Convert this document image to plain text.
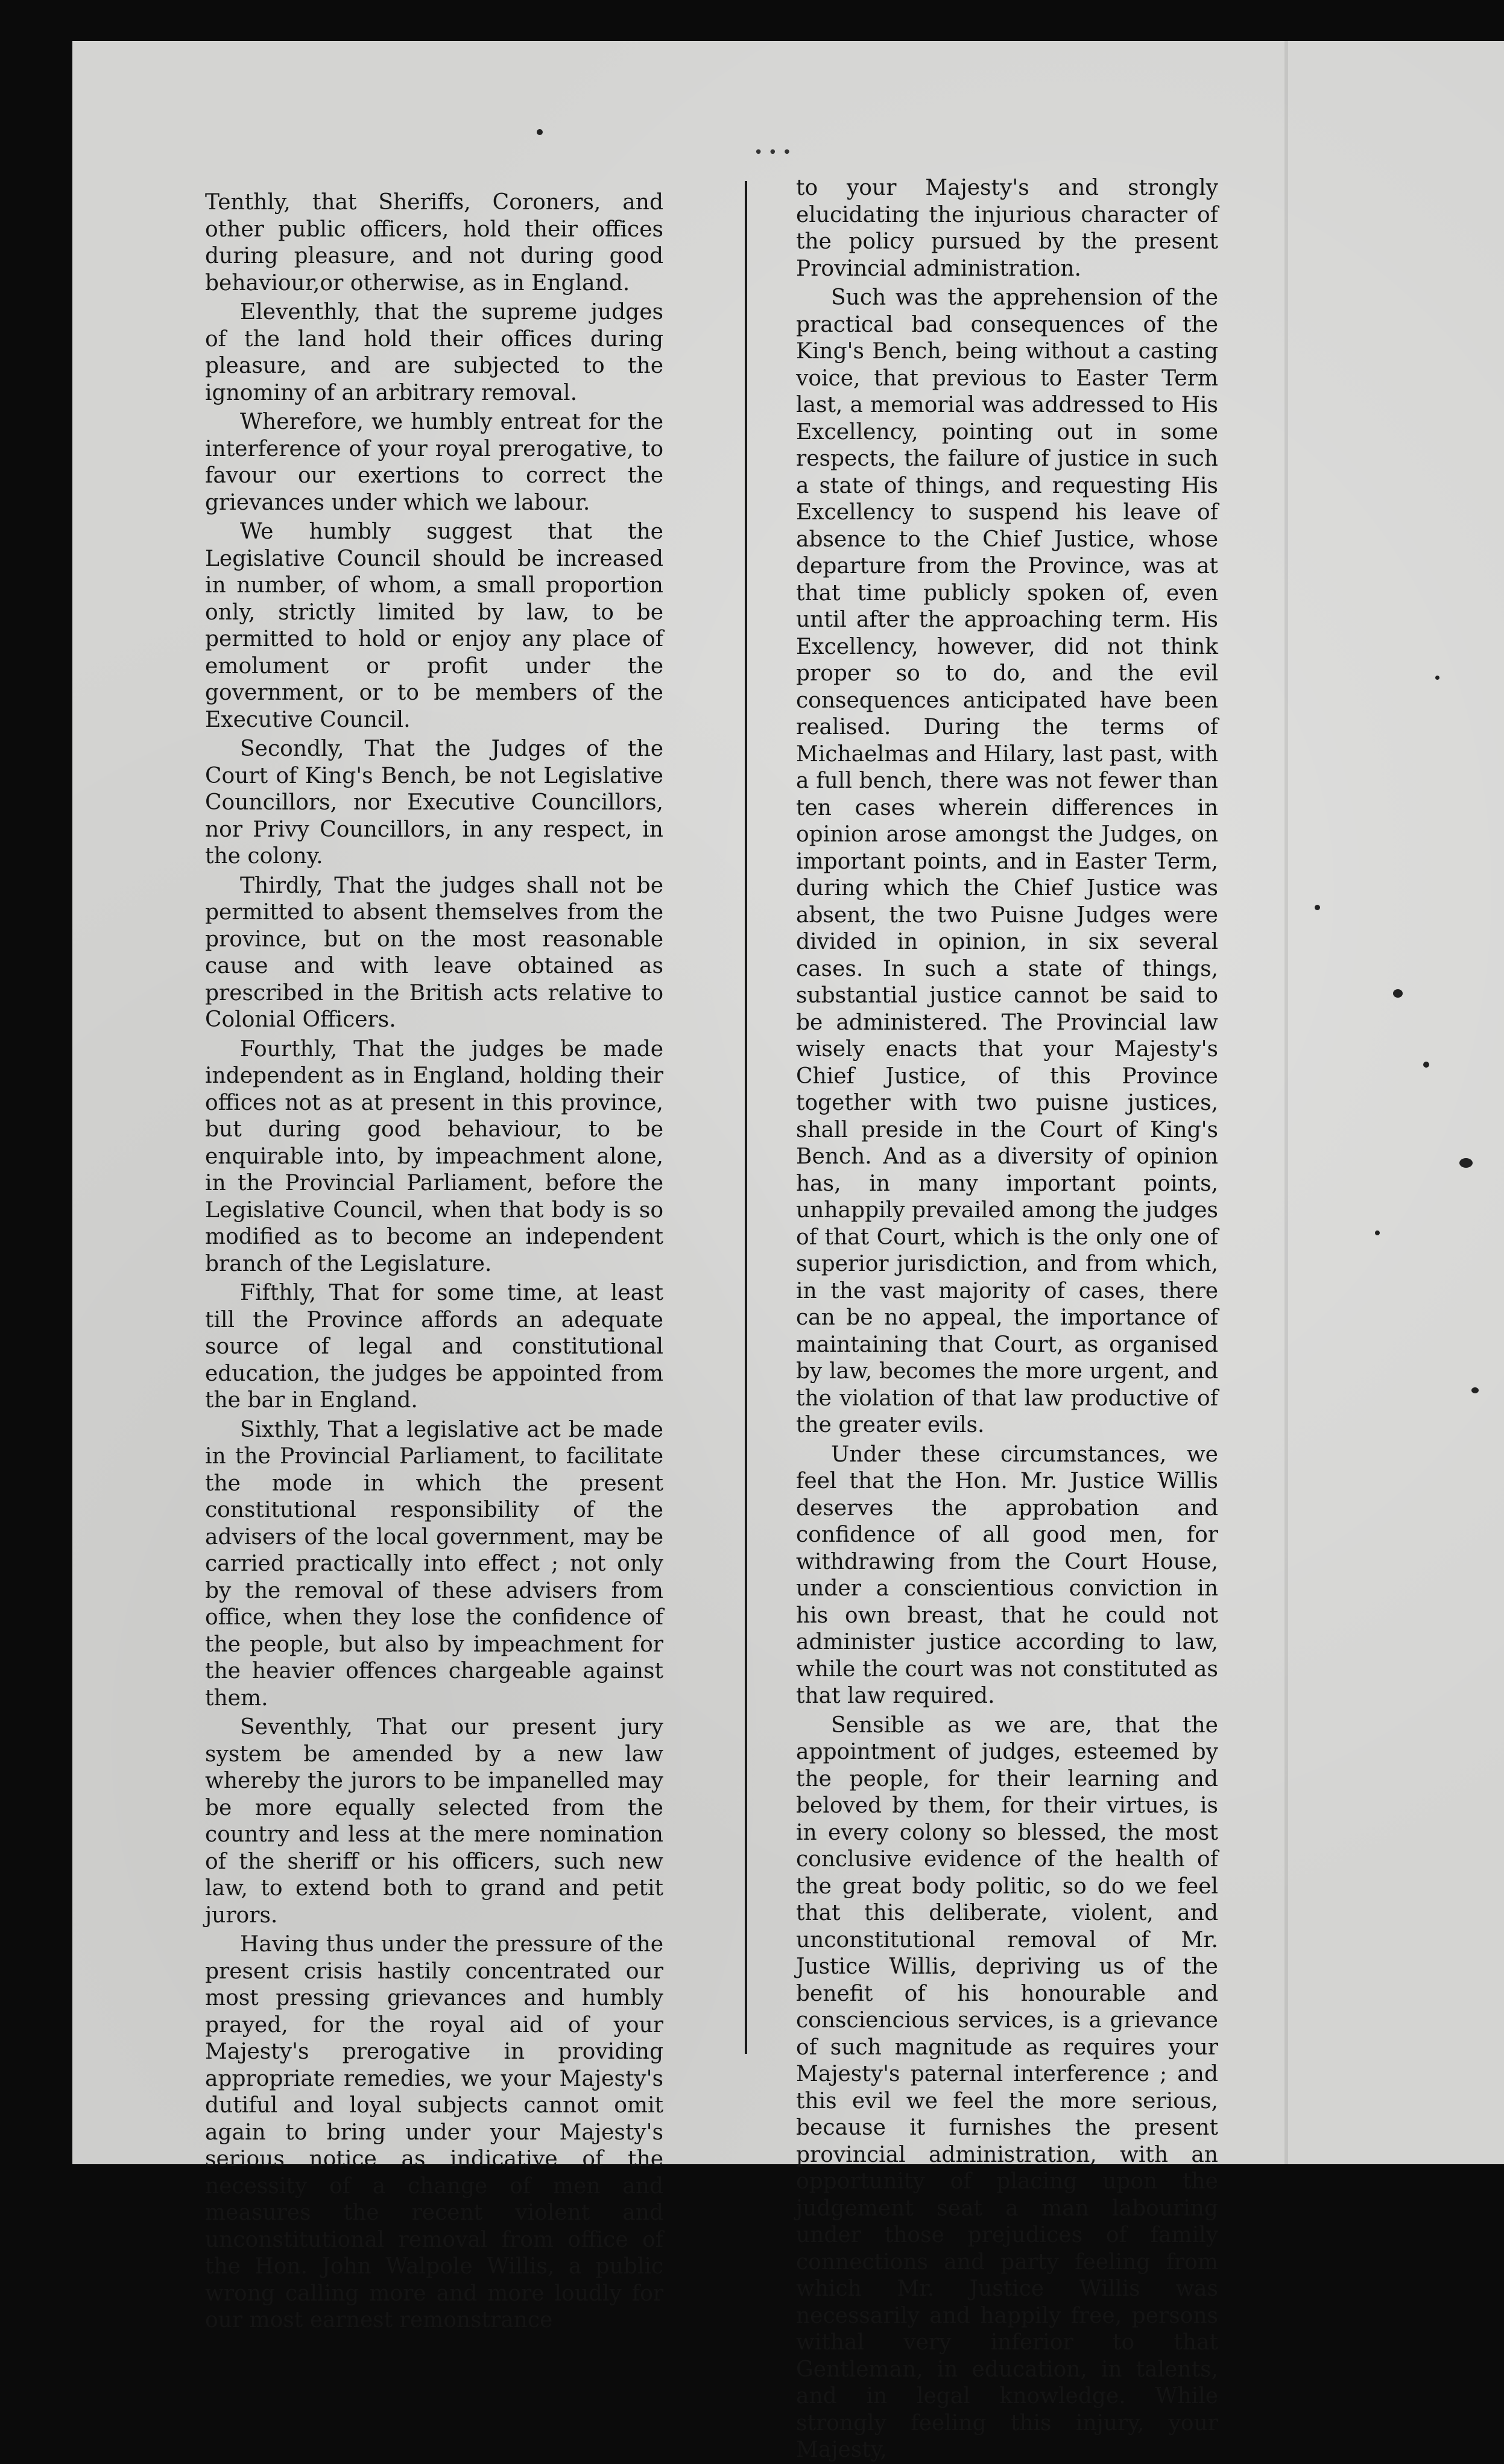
• • •

Tenthly, that Sheriffs, Coroners, and other public officers, hold their offices during pleasure, and not during good behaviour,or otherwise, as in England.

Eleventhly, that the supreme judges of the land hold their offices during pleasure, and are subjected to the ignominy of an arbitrary removal.

Wherefore, we humbly entreat for the interference of your royal prerogative, to favour our exertions to correct the grievances under which we labour.

We humbly suggest that the Legislative Council should be increased in number, of whom, a small proportion only, strictly limited by law, to be permitted to hold or enjoy any place of emolument or profit under the government, or to be members of the Executive Council.

Secondly, That the Judges of the Court of King's Bench, be not Legislative Councillors, nor Executive Councillors, nor Privy Councillors, in any respect, in the colony.

Thirdly, That the judges shall not be permitted to absent themselves from the province, but on the most reasonable cause and with leave obtained as prescribed in the British acts relative to Colonial Officers.

Fourthly, That the judges be made independent as in England, holding their offices not as at present in this province, but during good behaviour, to be enquirable into, by impeachment alone, in the Provincial Parliament, before the Legislative Council, when that body is so modified as to become an independent branch of the Legislature.

Fifthly, That for some time, at least till the Province affords an adequate source of legal and constitutional education, the judges be appointed from the bar in England.

Sixthly, That a legislative act be made in the Provincial Parliament, to facilitate the mode in which the present constitutional responsibility of the advisers of the local government, may be carried practically into effect ; not only by the removal of these advisers from office, when they lose the confidence of the people, but also by impeachment for the heavier offences chargeable against them.

Seventhly, That our present jury system be amended by a new law whereby the jurors to be impanelled may be more equally selected from the country and less at the mere nomination of the sheriff or his officers, such new law, to extend both to grand and petit jurors.

Having thus under the pressure of the present crisis hastily concentrated our most pressing grievances and humbly prayed, for the royal aid of your Majesty's prerogative in providing appropriate remedies, we your Majesty's dutiful and loyal subjects cannot omit again to bring under your Majesty's serious notice as indicative of the necessity of a change of men and measures the recent violent and unconstitutional removal from office of the Hon. John Walpole Willis, a public wrong calling more and more loudly for our most earnest remonstrance

to your Majesty's and strongly elucidating the injurious character of the policy pursued by the present Provincial administration.

Such was the apprehension of the practical bad consequences of the King's Bench, being without a casting voice, that previous to Easter Term last, a memorial was addressed to His Excellency, pointing out in some respects, the failure of justice in such a state of things, and requesting His Excellency to suspend his leave of absence to the Chief Justice, whose departure from the Province, was at that time publicly spoken of, even until after the approaching term. His Excellency, however, did not think proper so to do, and the evil consequences anticipated have been realised. During the terms of Michaelmas and Hilary, last past, with a full bench, there was not fewer than ten cases wherein differences in opinion arose amongst the Judges, on important points, and in Easter Term, during which the Chief Justice was absent, the two Puisne Judges were divided in opinion, in six several cases. In such a state of things, substantial justice cannot be said to be administered. The Provincial law wisely enacts that your Majesty's Chief Justice, of this Province together with two puisne justices, shall preside in the Court of King's Bench. And as a diversity of opinion has, in many important points, unhappily prevailed among the judges of that Court, which is the only one of superior jurisdiction, and from which, in the vast majority of cases, there can be no appeal, the importance of maintaining that Court, as organised by law, becomes the more urgent, and the violation of that law productive of the greater evils.

Under these circumstances, we feel that the Hon. Mr. Justice Willis deserves the approbation and confidence of all good men, for withdrawing from the Court House, under a conscientious conviction in his own breast, that he could not administer justice according to law, while the court was not constituted as that law required.

Sensible as we are, that the appointment of judges, esteemed by the people, for their learning and beloved by them, for their virtues, is in every colony so blessed, the most conclusive evidence of the health of the great body politic, so do we feel that this deliberate, violent, and unconstitutional removal of Mr. Justice Willis, depriving us of the benefit of his honourable and consciencious services, is a grievance of such magnitude as requires your Majesty's paternal interference ; and this evil we feel the more serious, because it furnishes the present provincial administration, with an opportunity of placing upon the judgement seat a man labouring under those prejudices of family connections and party feeling from which Mr. Justice Willis was necessarily and happily free, persons withal very inferior to that Gentleman, in education, in talents, and in legal knowledge. While strongly feeling this injury, your Majesty,
